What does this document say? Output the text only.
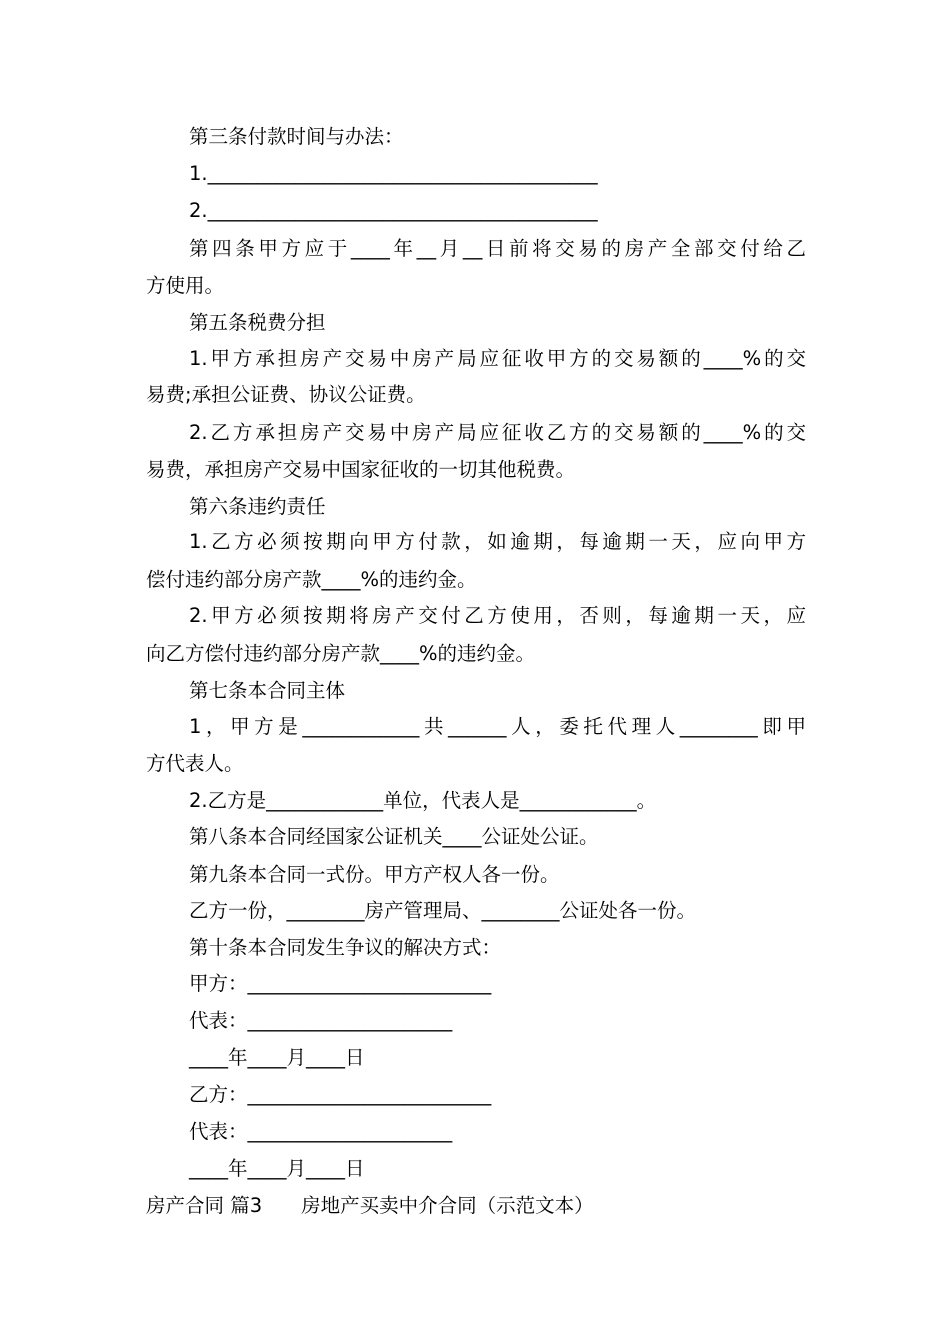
第三条付款时间与办法：
1.________________________________________
2.________________________________________
第四条甲方应于____年__月__日前将交易的房产全部交付给乙
方使用。
第五条税费分担
1.甲方承担房产交易中房产局应征收甲方的交易额的____%的交
易费;承担公证费、协议公证费。
2.乙方承担房产交易中房产局应征收乙方的交易额的____%的交
易费，承担房产交易中国家征收的一切其他税费。
第六条违约责任
1.乙方必须按期向甲方付款，如逾期，每逾期一天，应向甲方
偿付违约部分房产款____%的违约金。
2.甲方必须按期将房产交付乙方使用，否则，每逾期一天，应
向乙方偿付违约部分房产款____%的违约金。
第七条本合同主体
1，甲方是____________共______人，委托代理人________即甲
方代表人。
2.乙方是____________单位，代表人是____________。
第八条本合同经国家公证机关____公证处公证。
第九条本合同一式份。甲方产权人各一份。
乙方一份，________房产管理局、________公证处各一份。
第十条本合同发生争议的解决方式：
甲方：_________________________
代表：_____________________
____年____月____日
乙方：_________________________
代表：_____________________
____年____月____日
房产合同 篇3　　房地产买卖中介合同（示范文本）
